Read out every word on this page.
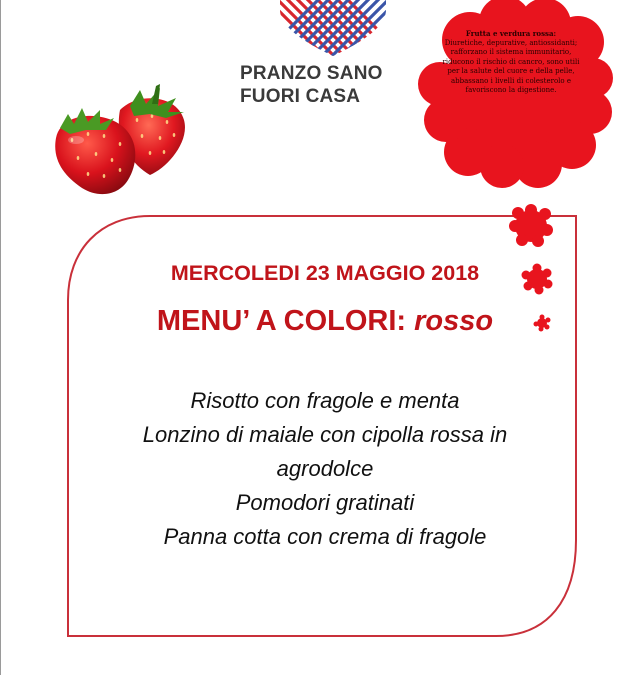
PRANZO SANO
FUORI CASA
Frutta e verdura rossa:
Diuretiche, depurative, antiossidanti; rafforzano il sistema immunitario, riducono il rischio di cancro, sono utili per la salute del cuore e della pelle, abbassano i livelli di colesterolo e favoriscono la digestione.
MERCOLEDI 23 MAGGIO 2018
MENU’ A COLORI: rosso
Risotto con fragole e menta
Lonzino di maiale con cipolla rossa in
agrodolce
Pomodori gratinati
Panna cotta con crema di fragole
